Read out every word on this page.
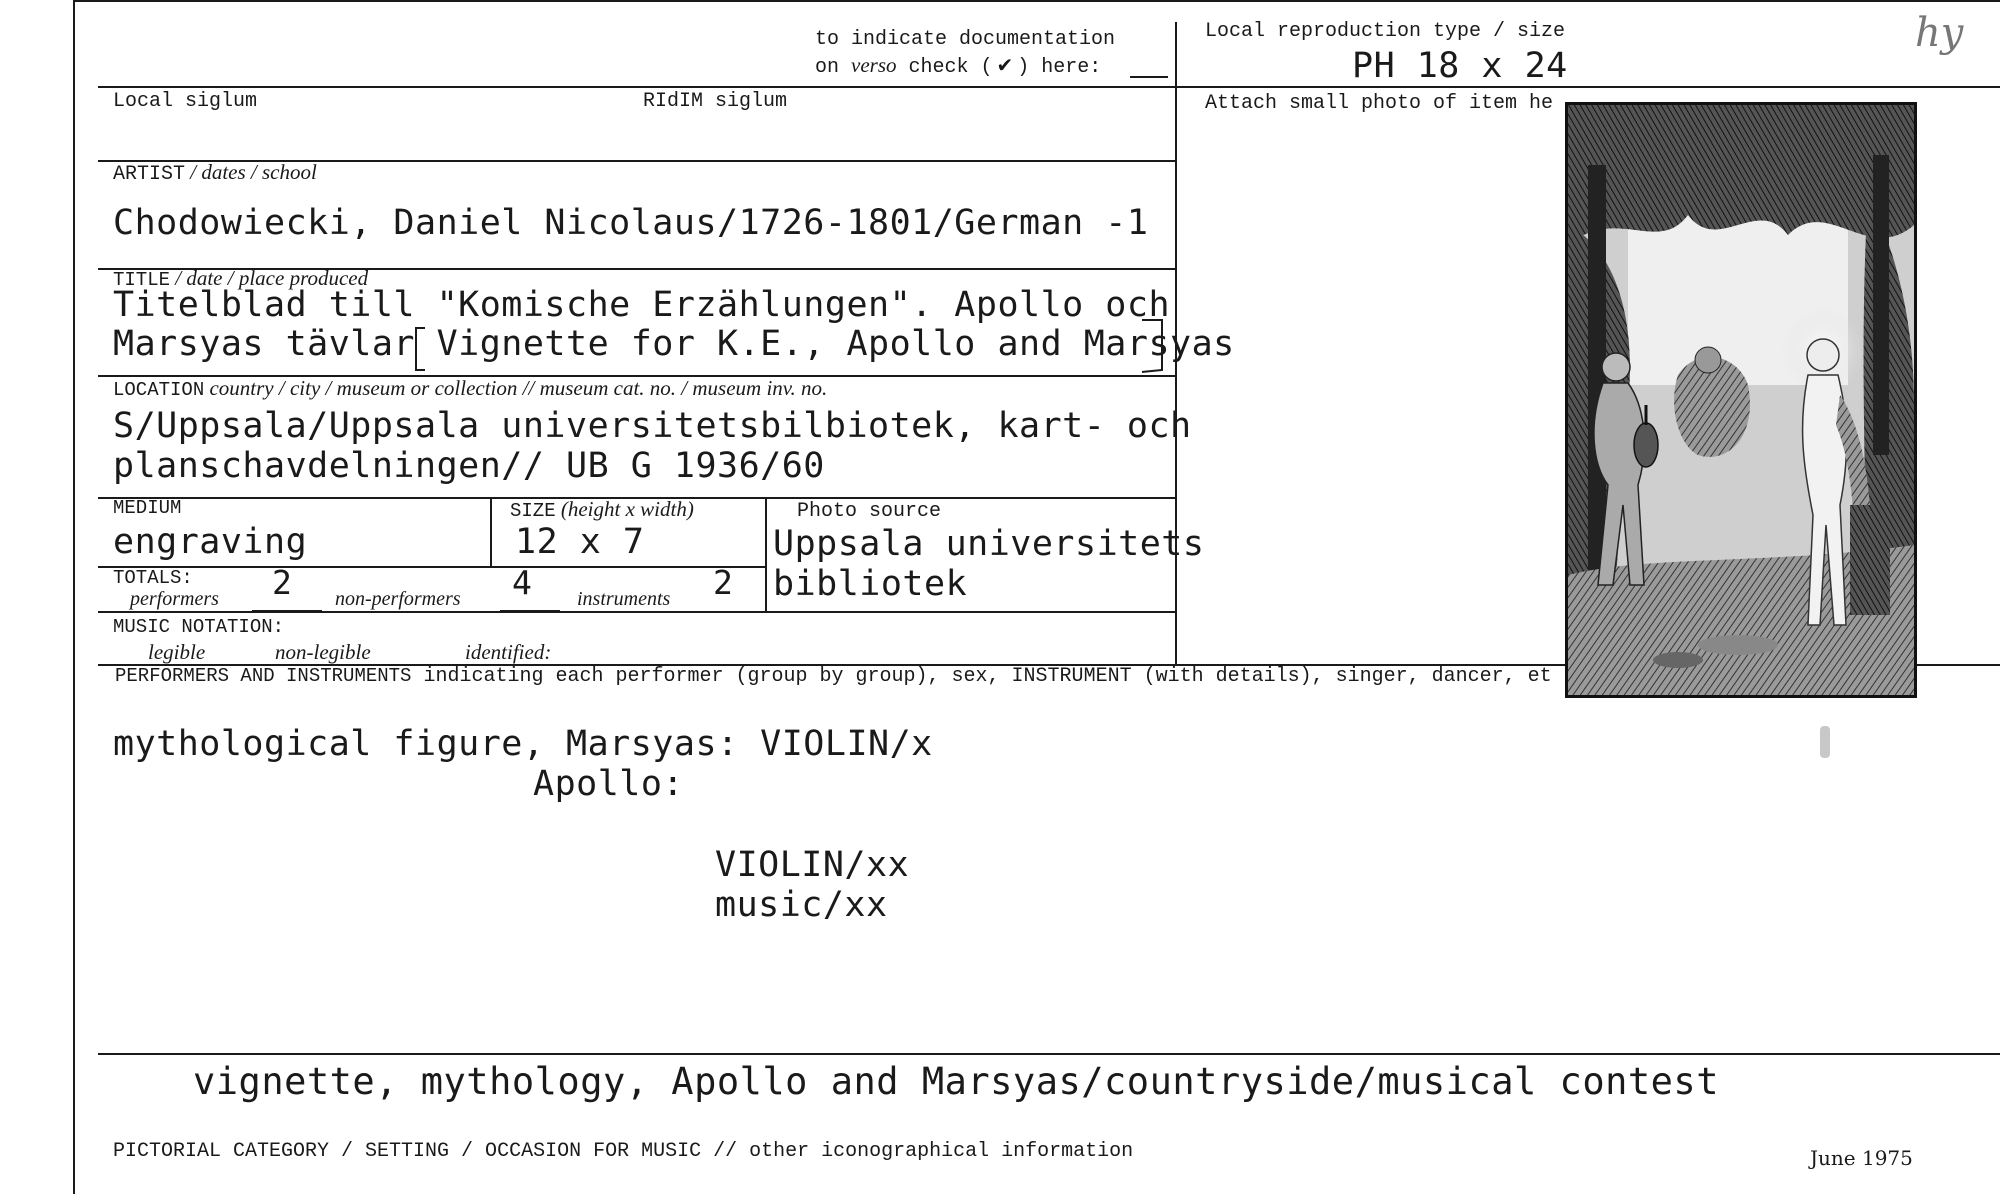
to indicate documentation
on verso check ( ✔ ) here:
Local reproduction type / size
PH 18 x 24
hy
Local siglum	RIdIM siglum	Attach small photo of item he
ARTIST / dates / school
Chodowiecki, Daniel Nicolaus/1726-1801/German -1
TITLE / date / place produced
Titelblad till "Komische Erzählungen". Apollo och
Marsyas tävlar Vignette for K.E., Apollo and Marsyas
LOCATION country / city / museum or collection // museum cat. no. / museum inv. no.
S/Uppsala/Uppsala universitetsbilbiotek, kart- och
planschavdelningen// UB G 1936/60
MEDIUM
engraving
SIZE (height x width)
12 x 7
Photo source
Uppsala universitets
bibliotek
TOTALS:
performers 2 non-performers 4 instruments 2
MUSIC NOTATION:
legible	non-legible	identified:
PERFORMERS AND INSTRUMENTS indicating each performer (group by group), sex, INSTRUMENT (with details), singer, dancer, et
mythological figure, Marsyas: VIOLIN/x
Apollo:
VIOLIN/xx
music/xx
vignette, mythology, Apollo and Marsyas/countryside/musical contest
PICTORIAL CATEGORY / SETTING / OCCASION FOR MUSIC // other iconographical information	June 1975
